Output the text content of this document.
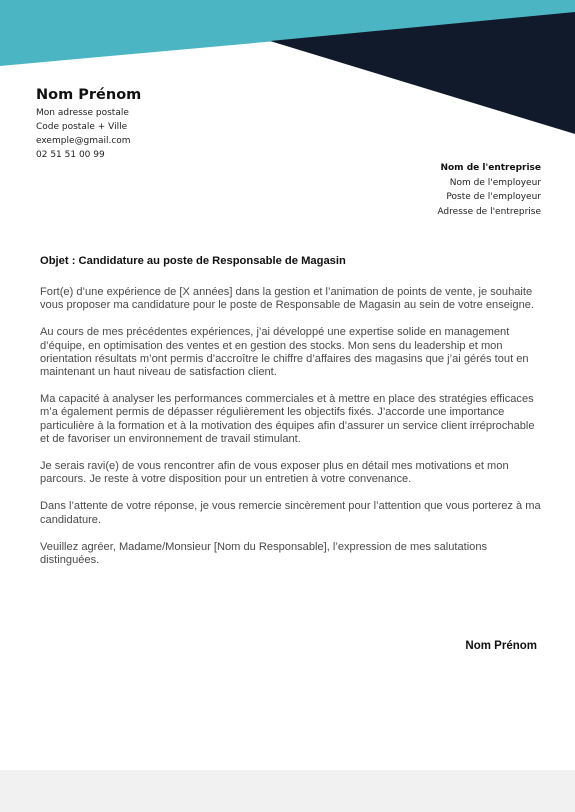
Nom Prénom
Mon adresse postale
Code postale + Ville
exemple@gmail.com
02 51 51 00 99
Nom de l'entreprise
Nom de l'employeur
Poste de l'employeur
Adresse de l'entreprise
Objet : Candidature au poste de Responsable de Magasin

Fort(e) d’une expérience de [X années] dans la gestion et l’animation de points de vente, je souhaite vous proposer ma candidature pour le poste de Responsable de Magasin au sein de votre enseigne.

Au cours de mes précédentes expériences, j’ai développé une expertise solide en management d’équipe, en optimisation des ventes et en gestion des stocks. Mon sens du leadership et mon orientation résultats m’ont permis d’accroître le chiffre d’affaires des magasins que j’ai gérés tout en maintenant un haut niveau de satisfaction client.

Ma capacité à analyser les performances commerciales et à mettre en place des stratégies efficaces m’a également permis de dépasser régulièrement les objectifs fixés. J’accorde une importance particulière à la formation et à la motivation des équipes afin d’assurer un service client irréprochable et de favoriser un environnement de travail stimulant.

Je serais ravi(e) de vous rencontrer afin de vous exposer plus en détail mes motivations et mon parcours. Je reste à votre disposition pour un entretien à votre convenance.

Dans l’attente de votre réponse, je vous remercie sincèrement pour l’attention que vous porterez à ma candidature.

Veuillez agréer, Madame/Monsieur [Nom du Responsable], l’expression de mes salutations distinguées.

Nom Prénom
